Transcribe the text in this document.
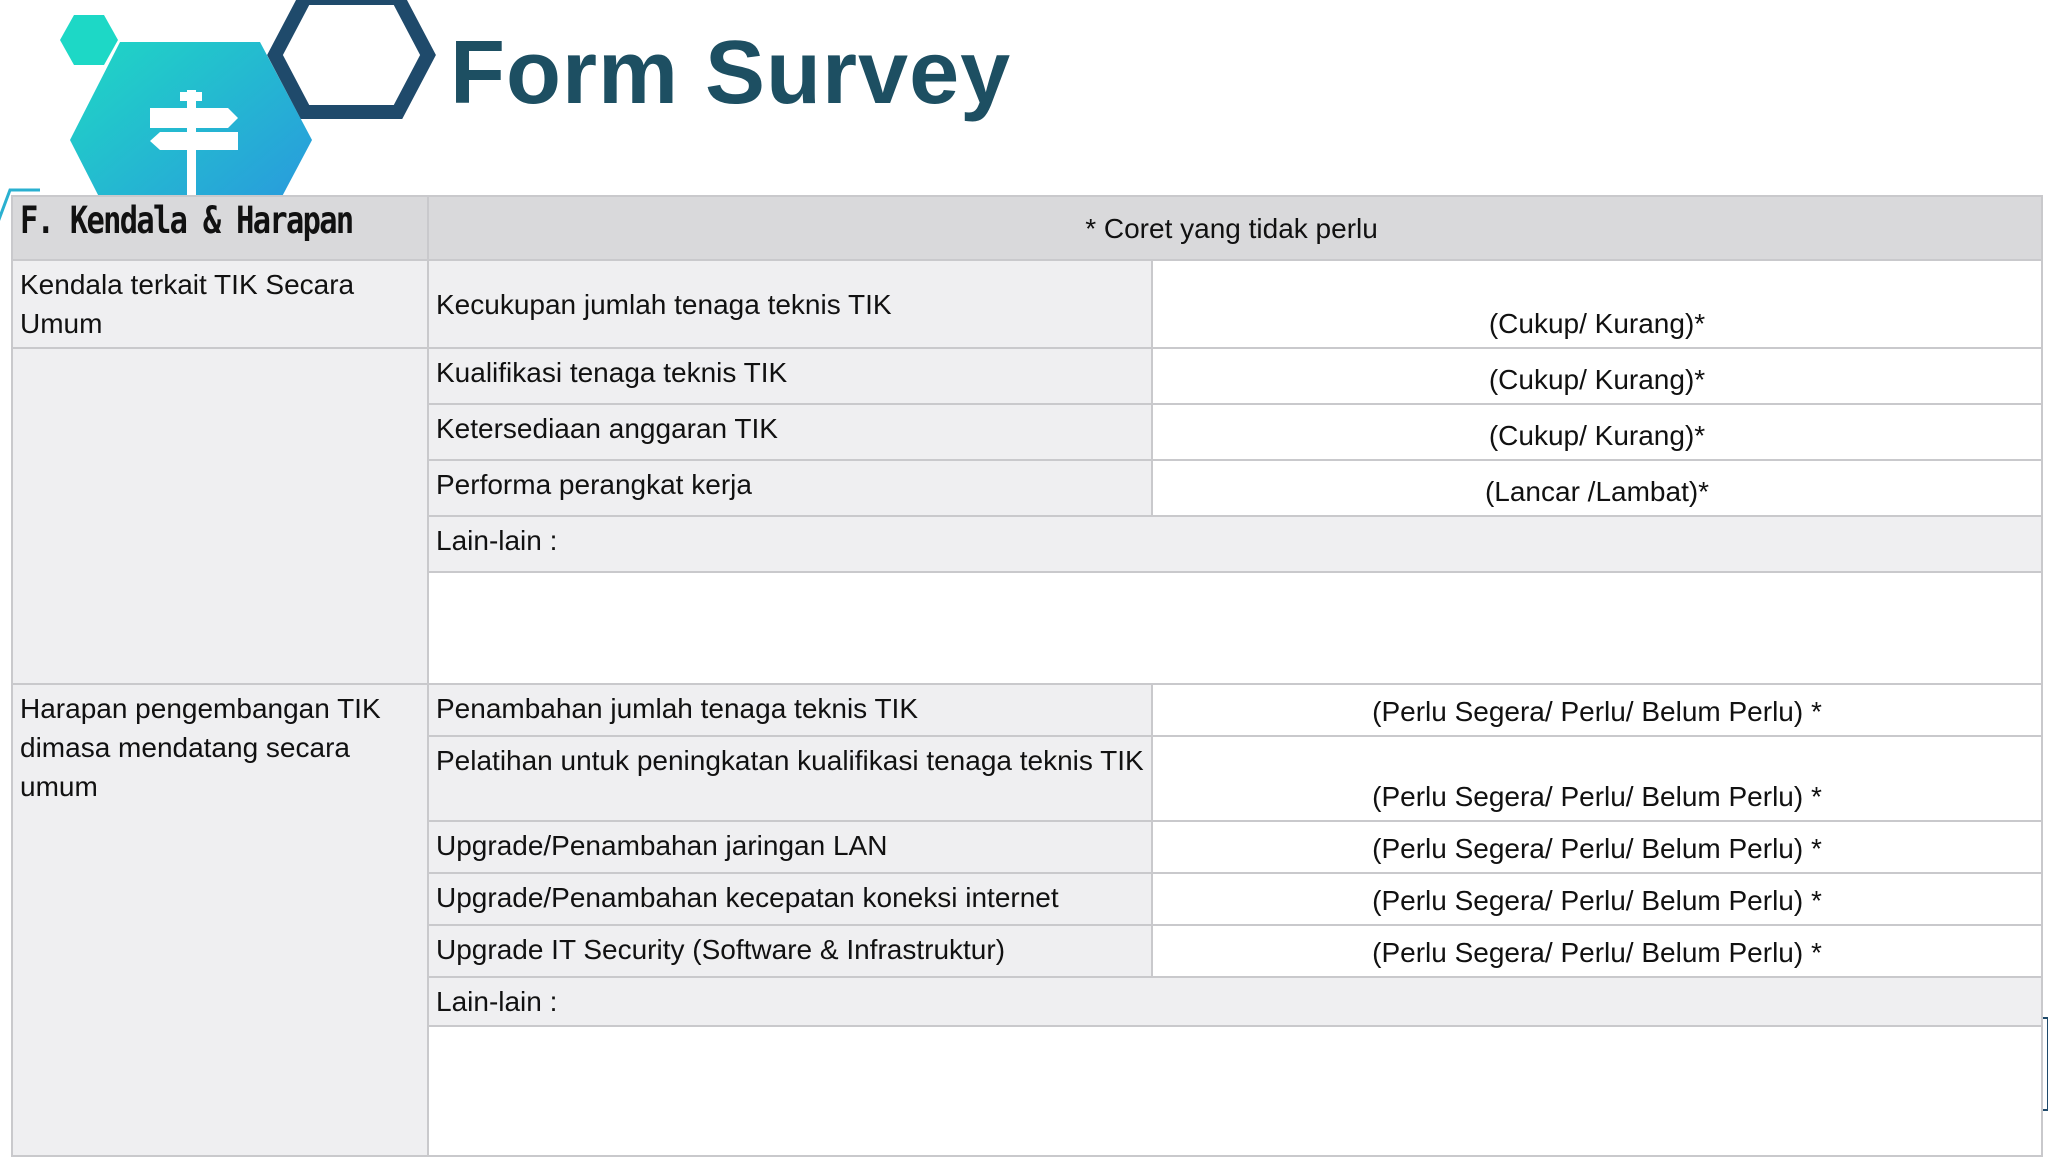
Form Survey
F. Kendala & Harapan	* Coret yang tidak perlu	
Kendala terkait TIK Secara Umum	Kecukupan jumlah tenaga teknis TIK	(Cukup/ Kurang)*
	Kualifikasi tenaga teknis TIK	(Cukup/ Kurang)*
	Ketersediaan anggaran TIK	(Cukup/ Kurang)*
	Performa perangkat kerja	(Lancar /Lambat)*
	Lain-lain :	

Harapan pengembangan TIK dimasa mendatang secara umum	Penambahan jumlah tenaga teknis TIK	(Perlu Segera/ Perlu/ Belum Perlu) *
	Pelatihan untuk peningkatan kualifikasi tenaga teknis TIK	(Perlu Segera/ Perlu/ Belum Perlu) *
	Upgrade/Penambahan jaringan LAN	(Perlu Segera/ Perlu/ Belum Perlu) *
	Upgrade/Penambahan kecepatan koneksi internet	(Perlu Segera/ Perlu/ Belum Perlu) *
	Upgrade IT Security (Software & Infrastruktur)	(Perlu Segera/ Perlu/ Belum Perlu) *
	Lain-lain :	
